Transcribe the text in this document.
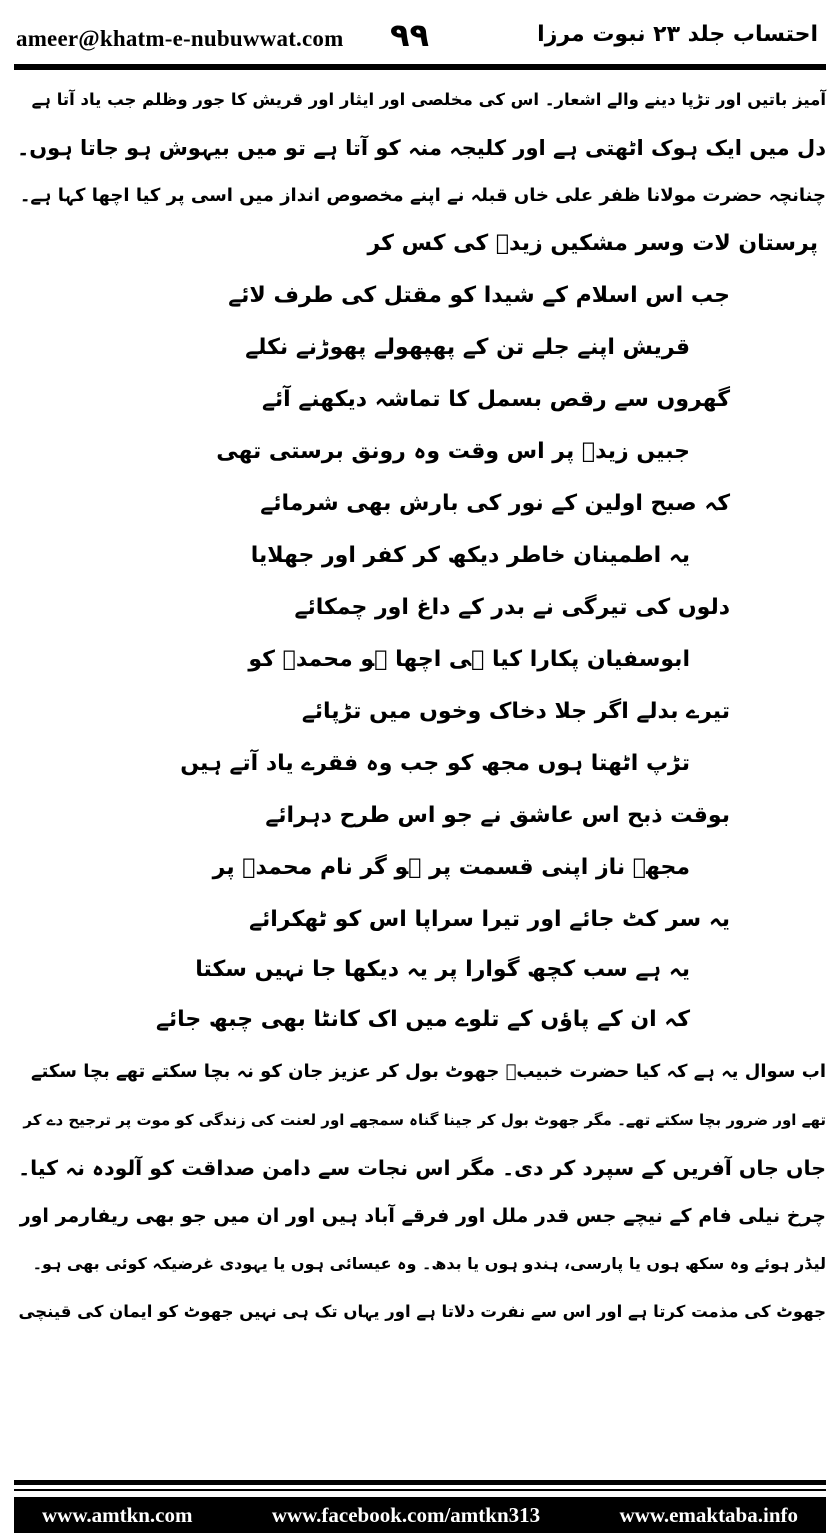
ameer@khatm-e-nubuwwat.com ۹۹	احتساب جلد ۲۳ نبوت مرزا
آمیز باتیں اور تڑپا دینے والے اشعار۔ اس کی مخلصی اور ایثار اور قریش کا جور وظلم جب یاد آتا ہے
دل میں ایک ہوک اٹھتی ہے اور کلیجہ منہ کو آتا ہے تو میں بیہوش ہو جاتا ہوں۔
چنانچہ حضرت مولانا ظفر علی خاں قبلہ نے اپنے مخصوص انداز میں اسی پر کیا اچھا کہا ہے۔
پرستان لات وسر مشکیں زیدؓ کی کس کر
جب اس اسلام کے شیدا کو مقتل کی طرف لائے
قریش اپنے جلے تن کے پھپھولے پھوڑنے نکلے
گھروں سے رقص بسمل کا تماشہ دیکھنے آئے
جبیں زیدؓ پر اس وقت وہ رونق برستی تھی
کہ صبح اولین کے نور کی بارش بھی شرمائے
یہ اطمینان خاطر دیکھ کر کفر اور جھلایا
دلوں کی تیرگی نے بدر کے داغ اور چمکائے
ابوسفیان پکارا کیا ہی اچھا ہو محمدؐ کو
تیرے بدلے اگر جلا دخاک وخوں میں تڑپائے
تڑپ اٹھتا ہوں مجھ کو جب وہ فقرے یاد آتے ہیں
بوقت ذبح اس عاشق نے جو اس طرح دہرائے
مجھے ناز اپنی قسمت پر ہو گر نام محمدؐ پر
یہ سر کٹ جائے اور تیرا سراپا اس کو ٹھکرائے
یہ ہے سب کچھ گوارا پر یہ دیکھا جا نہیں سکتا
کہ ان کے پاؤں کے تلوے میں اک کانٹا بھی چبھ جائے
اب سوال یہ ہے کہ کیا حضرت خبیبؓ جھوٹ بول کر عزیز جان کو نہ بچا سکتے تھے بچا سکتے
تھے اور ضرور بچا سکتے تھے۔ مگر جھوٹ بول کر جینا گناہ سمجھے اور لعنت کی زندگی کو موت پر ترجیح دے کر
جاں جاں آفریں کے سپرد کر دی۔ مگر اس نجات سے دامن صداقت کو آلودہ نہ کیا۔
چرخ نیلی فام کے نیچے جس قدر ملل اور فرقے آباد ہیں اور ان میں جو بھی ریفارمر اور
لیڈر ہوئے وہ سکھ ہوں یا پارسی، ہندو ہوں یا بدھ۔ وہ عیسائی ہوں یا یہودی غرضیکہ کوئی بھی ہو۔
جھوٹ کی مذمت کرتا ہے اور اس سے نفرت دلاتا ہے اور یہاں تک ہی نہیں جھوٹ کو ایمان کی قینچی
www.amtkn.com	www.facebook.com/amtkn313	www.emaktaba.info
